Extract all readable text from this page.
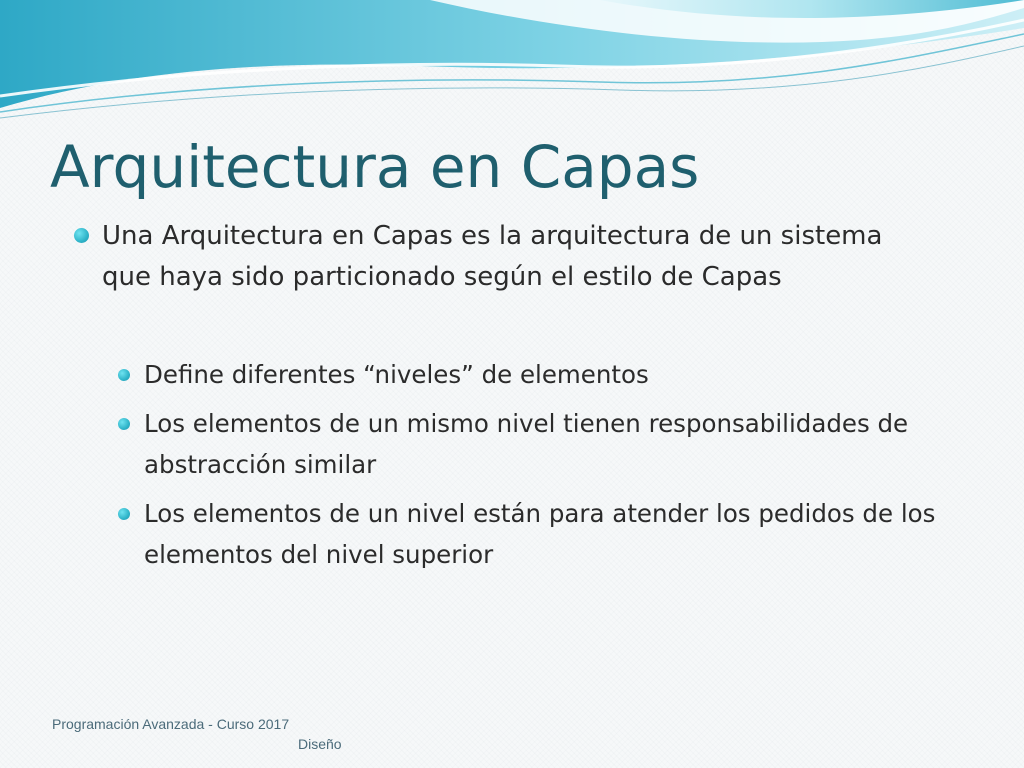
Arquitectura en Capas
Una Arquitectura en Capas es la arquitectura de un sistema que haya sido particionado según el estilo de Capas
Define diferentes “niveles” de elementos
Los elementos de un mismo nivel tienen responsabilidades de abstracción similar
Los elementos de un nivel están para atender los pedidos de los elementos del nivel superior
Programación Avanzada - Curso 2017
Diseño
